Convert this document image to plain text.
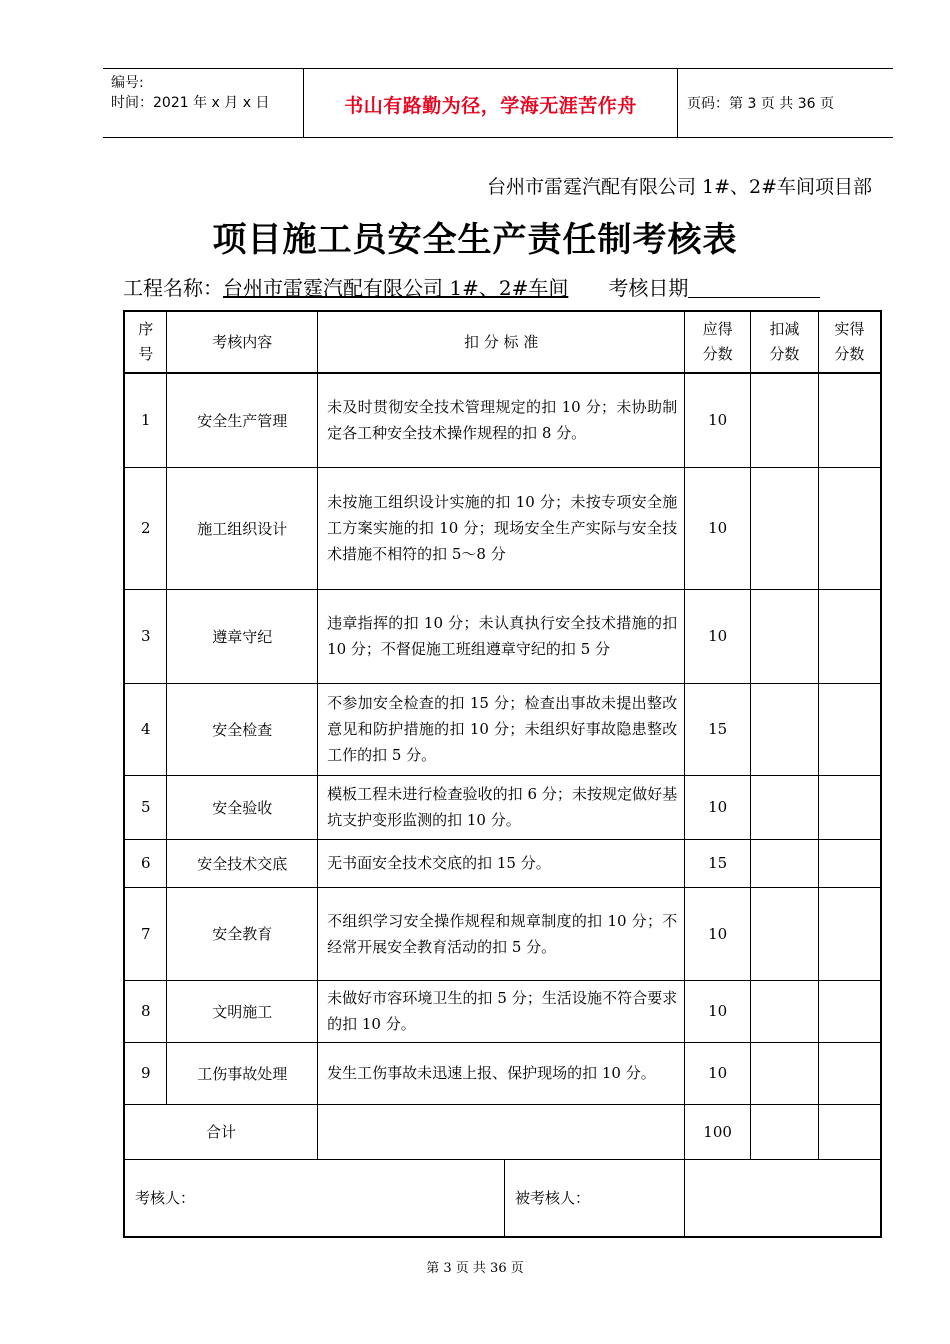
编号:
时间：2021 年 x 月 x 日	书山有路勤为径，学海无涯苦作舟	页码：第 3 页 共 36 页
台州市雷霆汽配有限公司 1#、2#车间项目部
项目施工员安全生产责任制考核表
工程名称：台州市雷霆汽配有限公司 1#、2#车间 考核日期
序号	考核内容	扣 分 标 准	应得分数	扣减分数	实得分数

1	安全生产管理	未及时贯彻安全技术管理规定的扣 10 分；未协助制定各工种安全技术操作规程的扣 8 分。	10		
2	施工组织设计	未按施工组织设计实施的扣 10 分；未按专项安全施工方案实施的扣 10 分；现场安全生产实际与安全技术措施不相符的扣 5～8 分	10		
3	遵章守纪	违章指挥的扣 10 分；未认真执行安全技术措施的扣 10 分；不督促施工班组遵章守纪的扣 5 分	10		
4	安全检查	不参加安全检查的扣 15 分；检查出事故未提出整改意见和防护措施的扣 10 分；未组织好事故隐患整改工作的扣 5 分。	15		
5	安全验收	模板工程未进行检查验收的扣 6 分；未按规定做好基坑支护变形监测的扣 10 分。	10		
6	安全技术交底	无书面安全技术交底的扣 15 分。	15		
7	安全教育	不组织学习安全操作规程和规章制度的扣 10 分；不经常开展安全教育活动的扣 5 分。	10		
8	文明施工	未做好市容环境卫生的扣 5 分；生活设施不符合要求的扣 10 分。	10		
9	工伤事故处理	发生工伤事故未迅速上报、保护现场的扣 10 分。	10		
合计			100		

考核人： 被考核人：					

第 3 页 共 36 页
